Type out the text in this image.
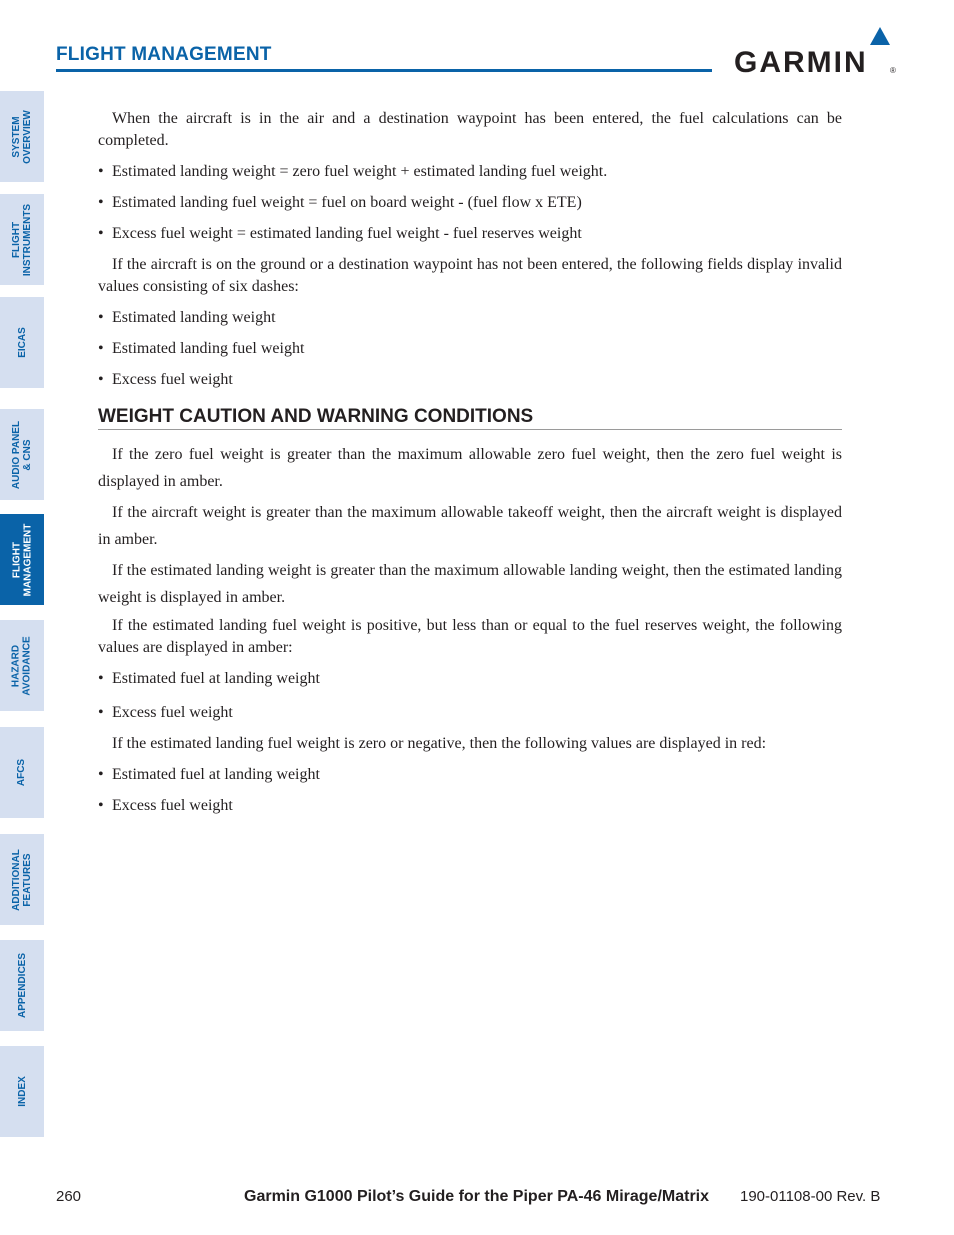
FLIGHT MANAGEMENT	GARMIN	®
SYSTEM
OVERVIEW
FLIGHT
INSTRUMENTS
EICAS
AUDIO PANEL
& CNS
FLIGHT
MANAGEMENT
HAZARD
AVOIDANCE
AFCS
ADDITIONAL
FEATURES
APPENDICES
INDEX

When the aircraft is in the air and a destination waypoint has been entered, the fuel calculations can be completed.

• Estimated landing weight = zero fuel weight + estimated landing fuel weight.

• Estimated landing fuel weight = fuel on board weight - (fuel flow x ETE)

• Excess fuel weight = estimated landing fuel weight - fuel reserves weight

If the aircraft is on the ground or a destination waypoint has not been entered, the following fields display invalid values consisting of six dashes:

• Estimated landing weight

• Estimated landing fuel weight

• Excess fuel weight

WEIGHT CAUTION AND WARNING CONDITIONS

If the zero fuel weight is greater than the maximum allowable zero fuel weight, then the zero fuel weight is displayed in amber.

If the aircraft weight is greater than the maximum allowable takeoff weight, then the aircraft weight is displayed in amber.

If the estimated landing weight is greater than the maximum allowable landing weight, then the estimated landing weight is displayed in amber.

If the estimated landing fuel weight is positive, but less than or equal to the fuel reserves weight, the following values are displayed in amber:

• Estimated fuel at landing weight

• Excess fuel weight

If the estimated landing fuel weight is zero or negative, then the following values are displayed in red:

• Estimated fuel at landing weight

• Excess fuel weight

260	Garmin G1000 Pilot’s Guide for the Piper PA-46 Mirage/Matrix 190-01108-00 Rev. B
